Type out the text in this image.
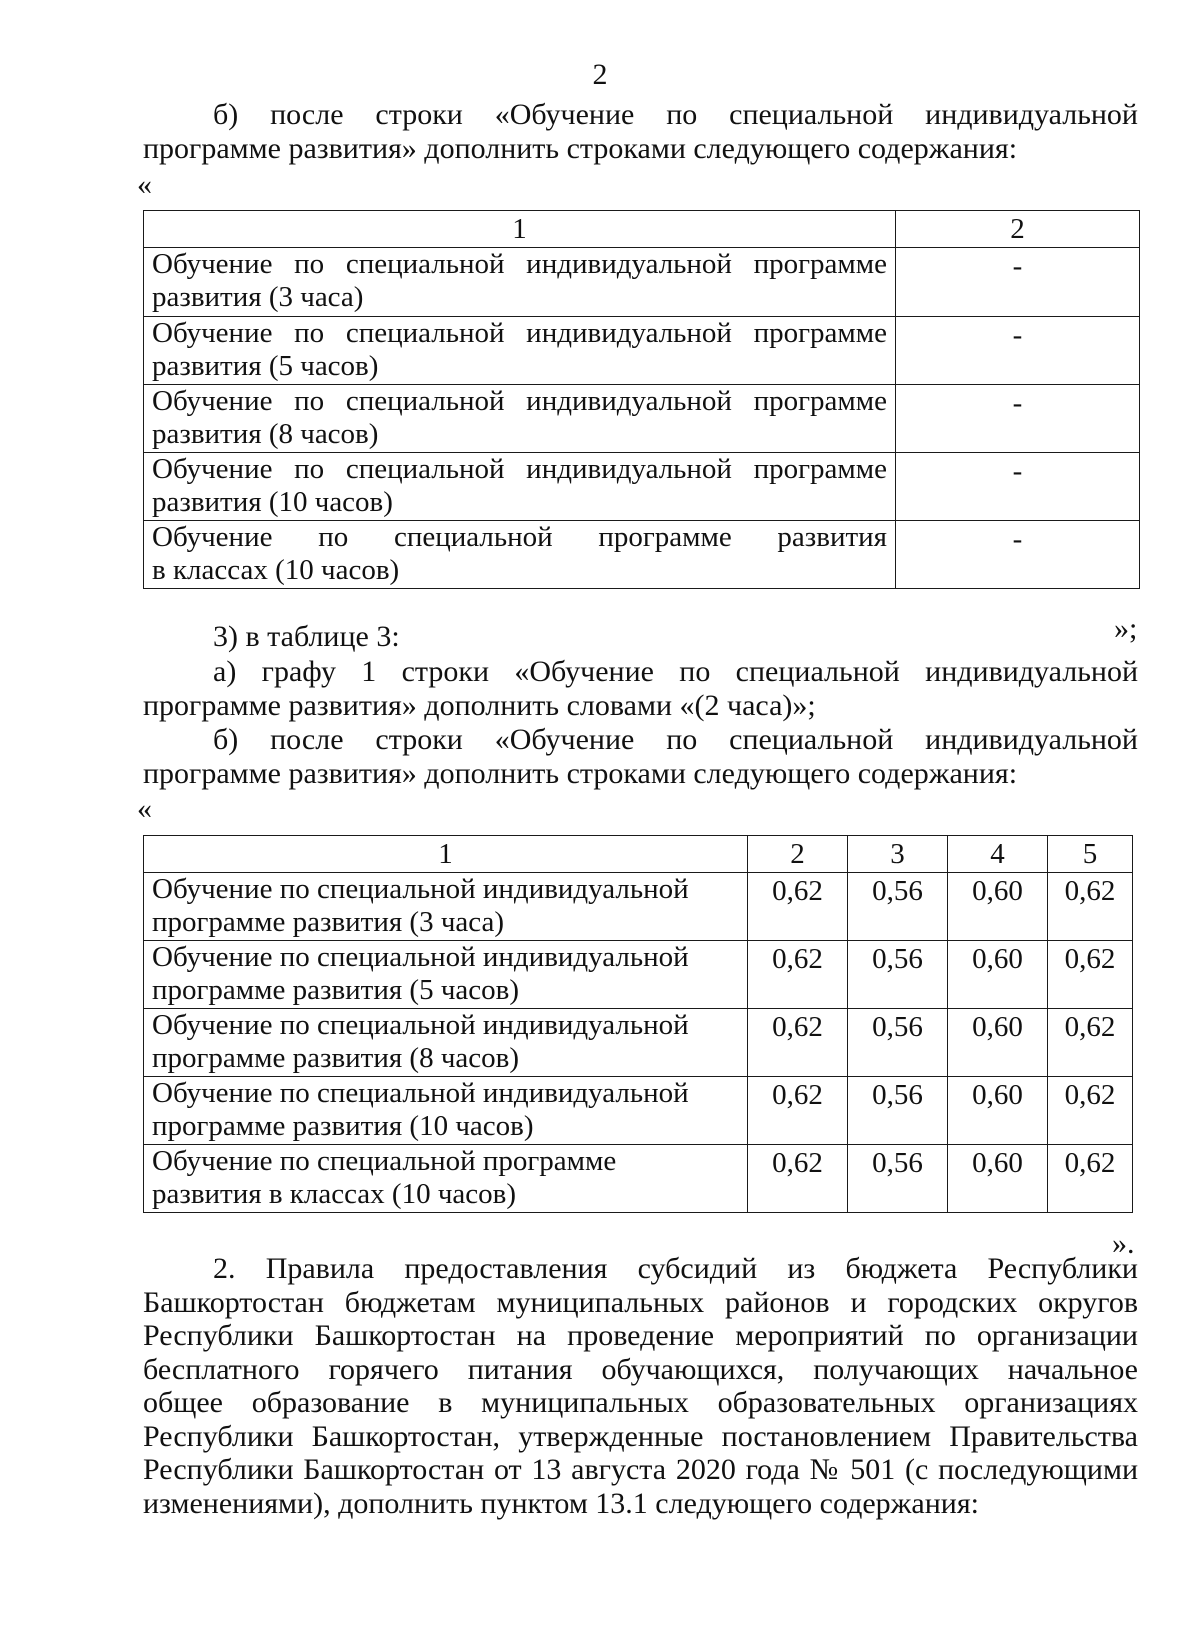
2
б) после строки «Обучение по специальной индивидуальной
программе развития» дополнить строками следующего содержания:
«
1	2

Обучение по специальной индивидуальной программе
развития (3 часа)	-

Обучение по специальной индивидуальной программе
развития (5 часов)	-

Обучение по специальной индивидуальной программе
развития (8 часов)	-

Обучение по специальной индивидуальной программе
развития (10 часов)	-

Обучение по специальной программе развития
в классах (10 часов)	-
3) в таблице 3:	»;
а) графу 1 строки «Обучение по специальной индивидуальной
программе развития» дополнить словами «(2 часа)»;
б) после строки «Обучение по специальной индивидуальной
программе развития» дополнить строками следующего содержания:
«
1	2	3	4	5

Обучение по специальной индивидуальной
программе развития (3 часа)	0,62	0,56	0,60	0,62

Обучение по специальной индивидуальной
программе развития (5 часов)	0,62	0,56	0,60	0,62

Обучение по специальной индивидуальной
программе развития (8 часов)	0,62	0,56	0,60	0,62

Обучение по специальной индивидуальной
программе развития (10 часов)	0,62	0,56	0,60	0,62

Обучение по специальной программе
развития в классах (10 часов)	0,62	0,56	0,60	0,62
».
2. Правила предоставления субсидий из бюджета Республики
Башкортостан бюджетам муниципальных районов и городских округов
Республики Башкортостан на проведение мероприятий по организации
бесплатного горячего питания обучающихся, получающих начальное
общее образование в муниципальных образовательных организациях
Республики Башкортостан, утвержденные постановлением Правительства
Республики Башкортостан от 13 августа 2020 года № 501 (с последующими
изменениями), дополнить пунктом 13.1 следующего содержания:
